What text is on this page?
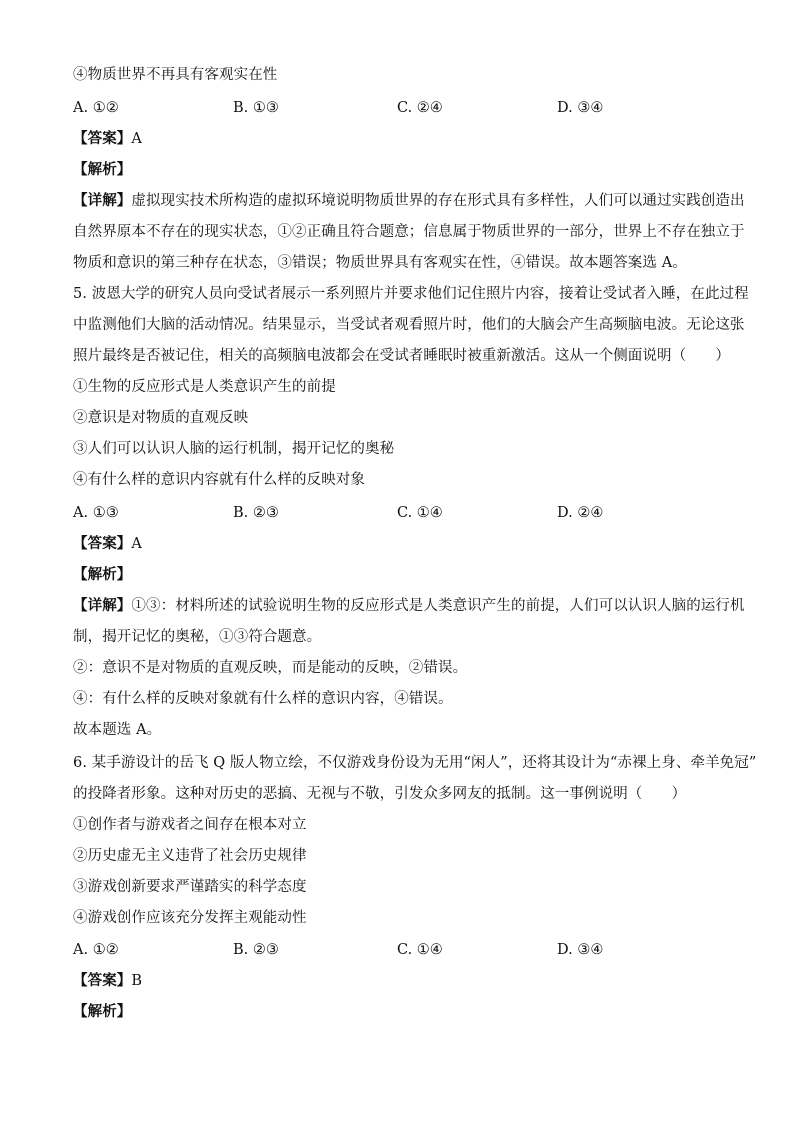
④物质世界不再具有客观实在性
A. ①②	B. ①③	C. ②④	D. ③④
【答案】A
【解析】
【详解】虚拟现实技术所构造的虚拟环境说明物质世界的存在形式具有多样性，人们可以通过实践创造出
自然界原本不存在的现实状态，①②正确且符合题意；信息属于物质世界的一部分，世界上不存在独立于
物质和意识的第三种存在状态，③错误；物质世界具有客观实在性，④错误。故本题答案选 A。
5. 波恩大学的研究人员向受试者展示一系列照片并要求他们记住照片内容，接着让受试者入睡，在此过程
中监测他们大脑的活动情况。结果显示，当受试者观看照片时，他们的大脑会产生高频脑电波。无论这张
照片最终是否被记住，相关的高频脑电波都会在受试者睡眠时被重新激活。这从一个侧面说明（　　）
①生物的反应形式是人类意识产生的前提
②意识是对物质的直观反映
③人们可以认识人脑的运行机制，揭开记忆的奥秘
④有什么样的意识内容就有什么样的反映对象
A. ①③	B. ②③	C. ①④	D. ②④
【答案】A
【解析】
【详解】①③：材料所述的试验说明生物的反应形式是人类意识产生的前提，人们可以认识人脑的运行机
制，揭开记忆的奥秘，①③符合题意。
②：意识不是对物质的直观反映，而是能动的反映，②错误。
④：有什么样的反映对象就有什么样的意识内容，④错误。
故本题选 A。
6. 某手游设计的岳飞 Q 版人物立绘，不仅游戏身份设为无用“闲人”，还将其设计为“赤裸上身、牵羊免冠”
的投降者形象。这种对历史的恶搞、无视与不敬，引发众多网友的抵制。这一事例说明（　　）
①创作者与游戏者之间存在根本对立
②历史虚无主义违背了社会历史规律
③游戏创新要求严谨踏实的科学态度
④游戏创作应该充分发挥主观能动性
A. ①②	B. ②③	C. ①④	D. ③④
【答案】B
【解析】
